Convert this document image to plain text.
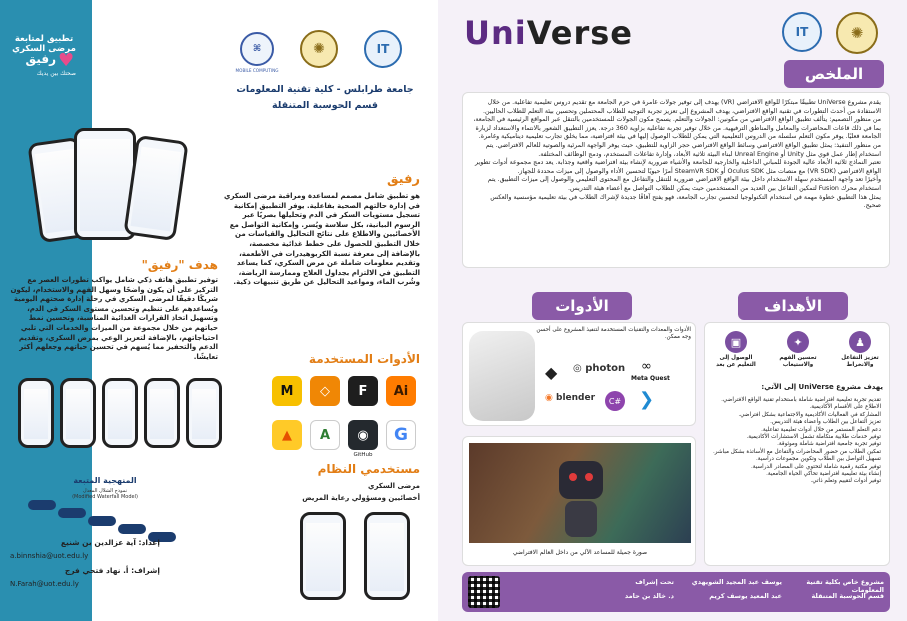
تطبيق لمتابعة مرضى السكري
♥
رفيق
صحتك بين يديك
⌘
MOBILE COMPUTING
✺	IT
جامعة طرابلس - كلية تقنية المعلومات
قسم الحوسبة المتنقلة
رفيق
هو تطبيق شامل مصمم لمساعدة ومراقبة مرضى السكري في إدارة حالتهم الصحية بفاعلية. يوفر التطبيق إمكانية تسجيل مستويات السكر في الدم وتحليلها بصريًا عبر الرسوم البيانية، بكل سلاسة ويُسر. وإمكانية التواصل مع الأخصائيين والاطلاع على نتائج التحاليل والقياسات من خلال التطبيق للحصول على خطط غذائية مخصصة، بالإضافة إلى معرفة نسبة الكربوهيدرات في الأطعمة، وتقديم معلومات شاملة عن مرض السكري، كما يساعد التطبيق في الالتزام بجداول العلاج وممارسة الرياضة، وشُرب الماء، ومواعيد التحاليل عن طريق تنبيهات ذكية.
هدف "رفيق"
توفير تطبيق هاتف ذكي شامل يواكب تطورات العصر مع التركيز على أن يكون واضحًا وسهل الفهم والاستخدام، ليكون شريكًا دقيقًا لمرضى السكري في رحلة إدارة صحتهم اليومية ويُساعدهم على تنظيم وتحسين مستوى السكر في الدم، وتسهيل اتخاذ القرارات الغذائية المناسبة، وتحسين نمط حياتهم من خلال مجموعة من الميزات والخدمات التي تلبي احتياجاتهم، بالإضافة لتعزيز الوعي بمرض السكري، وتقديم الدعم والتحفيز مما يُسهم في تحسين حياتهم وجعلهم أكثر تعايشًا.	الأدوات المستخدمة
M	◇	F	Ai
▲	A	◉	G
GitHub
مستخدمي النظام
مرضى السكري
أخصائيين ومسؤولي رعاية المريض
المنهجية المتبعة
نموذج الشلال المعدل
(Modified Waterfall Model)
إعداد: آية عزالدين بن شنيع
a.binnshia@uot.edu.ly
إشراف: أ. نهاد فتحي فرج
N.Farah@uot.edu.ly
UniVerse	IT	✺
الملخص

يقدم مشروع UniVerse تطبيقًا مبتكرًا للواقع الافتراضي (VR) يهدف إلى توفير جولات غامرة في حرم الجامعة مع تقديم دروس تعليمية تفاعلية. من خلال الاستفادة من أحدث التطورات في تقنية الواقع الافتراضي، يهدف المشروع إلى تعزيز تجربة التوجيه للطلاب المحتملين وتحسين بيئة التعلم للطلاب الحاليين.

من منظور التصميم: يتألف تطبيق الواقع الافتراضي من مكونين: الجولات والتعلم. يسمح مكون الجولات للمستخدمين بالتنقل عبر المواقع الرئيسية في الجامعة، بما في ذلك قاعات المحاضرات والمعامل والمناطق الترفيهية. من خلال توفير تجربة تفاعلية بزاوية 360 درجة. يعزز التطبيق الشعور بالانتماء والاستعداد لزيارة الجامعة فعليًا. يوفر مكون التعلم سلسلة من الدروس التعليمية التي يمكن للطلاب الوصول إليها في بيئة افتراضية، مما يخلق تجارب تعليمية ديناميكية وغامرة.

من منظور التنفيذ: يمثل تطبيق الواقع الافتراضي وسائط الواقع الافتراضي حجر الزاوية للتطبيق، حيث يوفر الواجهة المرئية والصوتية للعالم الافتراضي. يتم استخدام إطار عمل قوي مثل Unity أو Unreal Engine لبناء البيئة ثلاثية الأبعاد، وإدارة تفاعلات المستخدم، ودمج الوظائف المختلفة.

تعتبر النماذج ثلاثية الأبعاد عالية الجودة للمباني الداخلية والخارجية للجامعة والأشياء ضرورية لإنشاء بيئة افتراضية واقعية وجذابة. يعد دمج مجموعة أدوات تطوير الواقع الافتراضي (VR SDK) مع منصات مثل Oculus SDK أو SteamVR SDK أمرًا حيويًا لتحسين الأداء والوصول إلى ميزات محددة للجهاز.

وأخيرًا تعد واجهة المستخدم سهلة الاستخدام داخل بيئة الواقع الافتراضي ضرورية للتنقل والتفاعل مع المحتوى التعليمي والوصول إلى ميزات التطبيق. يتم استخدام محرك Fusion لتمكين التفاعل بين العديد من المستخدمين حيث يمكن للطلاب التواصل مع أعضاء هيئة التدريس.

يمثل هذا التطبيق خطوة مهمة في استخدام التكنولوجيا لتحسين تجارب الجامعة، فهو يفتح آفاقًا جديدة لإشراك الطلاب في بيئة تعليمية مؤسسية والعكس صحيح.

الأدوات
الأدوات والمعدات والتقنيات المستخدمة لتنفيذ المشروع على أحسن وجه ممكن.
◆	◎ photon ∞
Meta Quest
◉ blender	C# ❯
صورة جميلة للمساعد الآلي من داخل العالم الافتراضي
الأهداف
♟
تعزيز التفاعل والانخراط
✦
تحسين الفهم والاستيعاب
▣
الوصول إلى التعليم عن بعد
يهدف مشروع UniVerse إلى الآتي:
تقديم تجربة تعليمية افتراضية شاملة باستخدام تقنية الواقع الافتراضي.
الاطلاع على الأقسام الأكاديمية.
المشاركة في الفعاليات الأكاديمية والاجتماعية بشكل افتراضي.
تعزيز التفاعل بين الطلاب وأعضاء هيئة التدريس.
دعم التعلم المستمر من خلال أدوات تعليمية تفاعلية.
توفير خدمات طلابية متكاملة تشمل الاستشارات الأكاديمية.
توفير تجربة جامعية افتراضية شاملة وموثوقة.
تمكين الطلاب من حضور المحاضرات والتفاعل مع الأساتذة بشكل مباشر.
تسهيل التواصل بين الطلاب وتكوين مجموعات دراسية.
توفير مكتبة رقمية شاملة لتحتوي على المصادر الدراسية.
إنشاء بيئة تعليمية افتراضية تحاكي الحياة الجامعية.
توفير أدوات لتقييم وتعلم ذاتي.
مشروع خاص بكلية تقنية المعلومات
قسم الحوسبة المتنقلة
يوسف عبد المجيد الشويهدي
عبد المعيد يوسف كريم
تحت إشراف
د. خالد بن حامد
